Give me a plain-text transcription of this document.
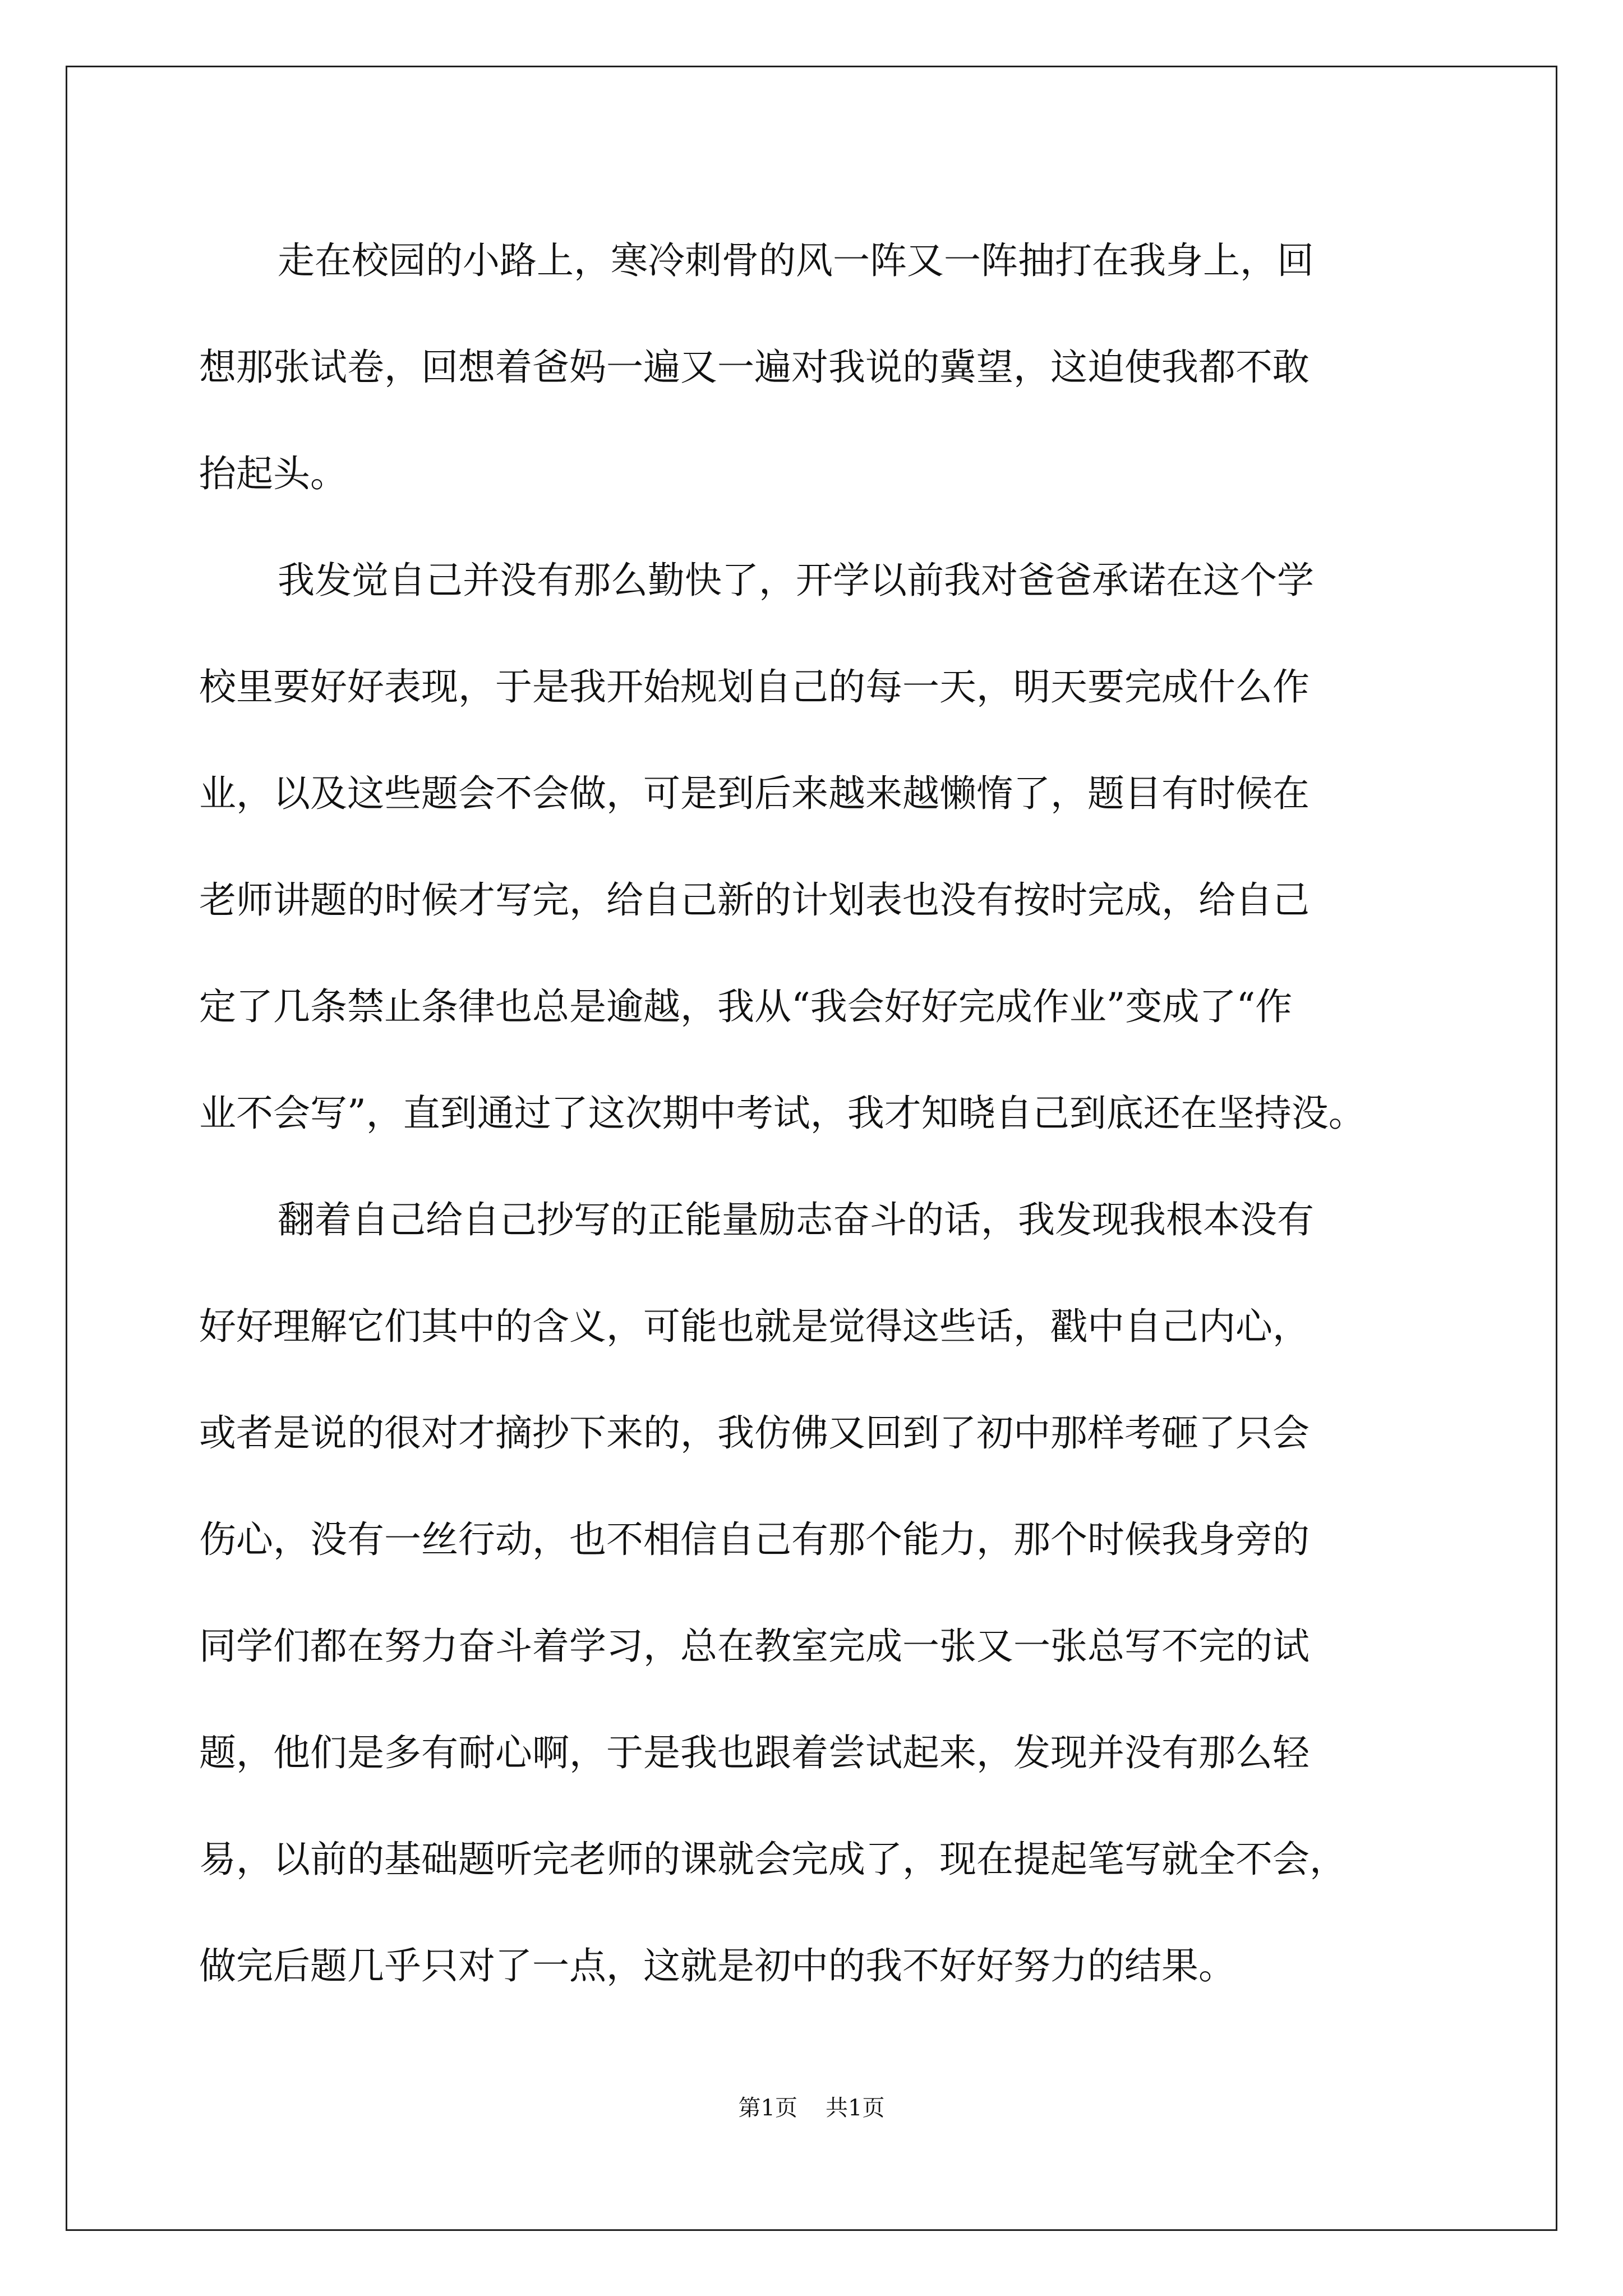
走在校园的小路上，寒冷刺骨的风一阵又一阵抽打在我身上，回
想那张试卷，回想着爸妈一遍又一遍对我说的冀望，这迫使我都不敢
抬起头。
我发觉自己并没有那么勤快了，开学以前我对爸爸承诺在这个学
校里要好好表现，于是我开始规划自己的每一天，明天要完成什么作
业，以及这些题会不会做，可是到后来越来越懒惰了，题目有时候在
老师讲题的时候才写完，给自己新的计划表也没有按时完成，给自己
定了几条禁止条律也总是逾越，我从“我会好好完成作业”变成了“作
业不会写”，直到通过了这次期中考试，我才知晓自己到底还在坚持没。
翻着自己给自己抄写的正能量励志奋斗的话，我发现我根本没有
好好理解它们其中的含义，可能也就是觉得这些话，戳中自己内心，
或者是说的很对才摘抄下来的，我仿佛又回到了初中那样考砸了只会
伤心，没有一丝行动，也不相信自己有那个能力，那个时候我身旁的
同学们都在努力奋斗着学习，总在教室完成一张又一张总写不完的试
题，他们是多有耐心啊，于是我也跟着尝试起来，发现并没有那么轻
易，以前的基础题听完老师的课就会完成了，现在提起笔写就全不会，
做完后题几乎只对了一点，这就是初中的我不好好努力的结果。
第1页 共1页
